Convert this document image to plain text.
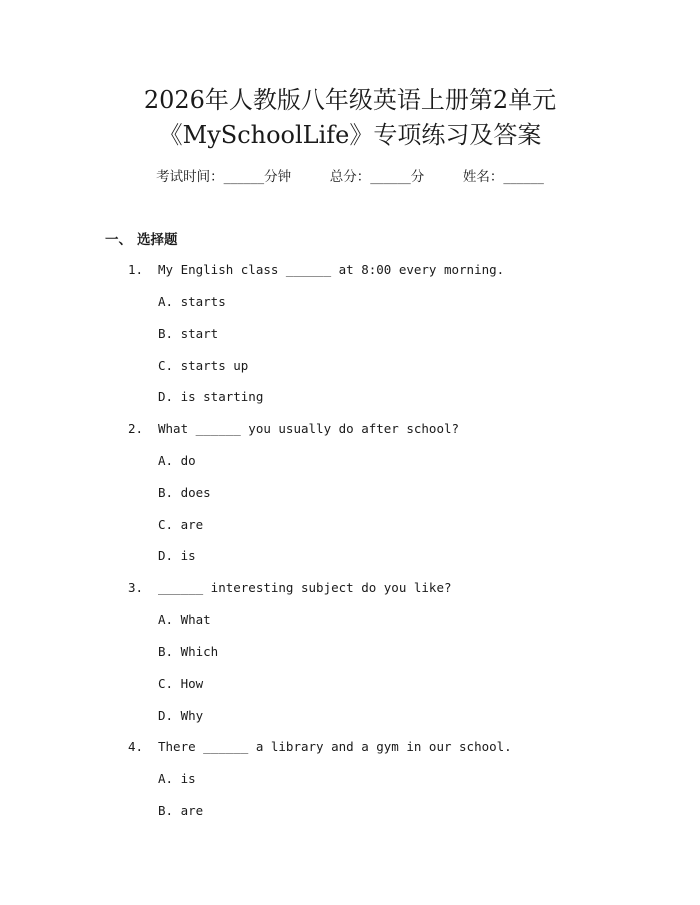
2026年人教版八年级英语上册第2单元
《MySchoolLife》专项练习及答案
考试时间：______分钟	总分：______分	姓名：______
一、 选择题
1. My English class ______ at 8:00 every morning.
A. starts
B. start
C. starts up
D. is starting
2. What ______ you usually do after school?
A. do
B. does
C. are
D. is
3. ______ interesting subject do you like?
A. What
B. Which
C. How
D. Why
4. There ______ a library and a gym in our school.
A. is
B. are
